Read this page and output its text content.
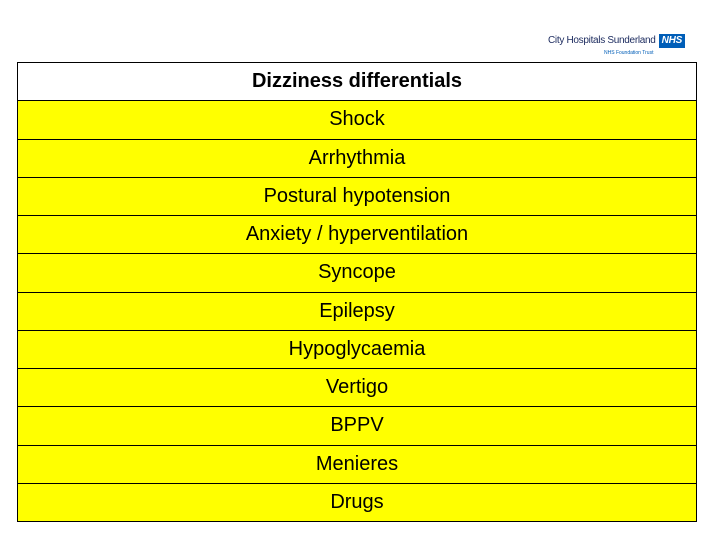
City Hospitals Sunderland NHS
NHS Foundation Trust
Dizziness differentials
Shock
Arrhythmia
Postural hypotension
Anxiety / hyperventilation
Syncope
Epilepsy
Hypoglycaemia
Vertigo
BPPV
Menieres
Drugs
